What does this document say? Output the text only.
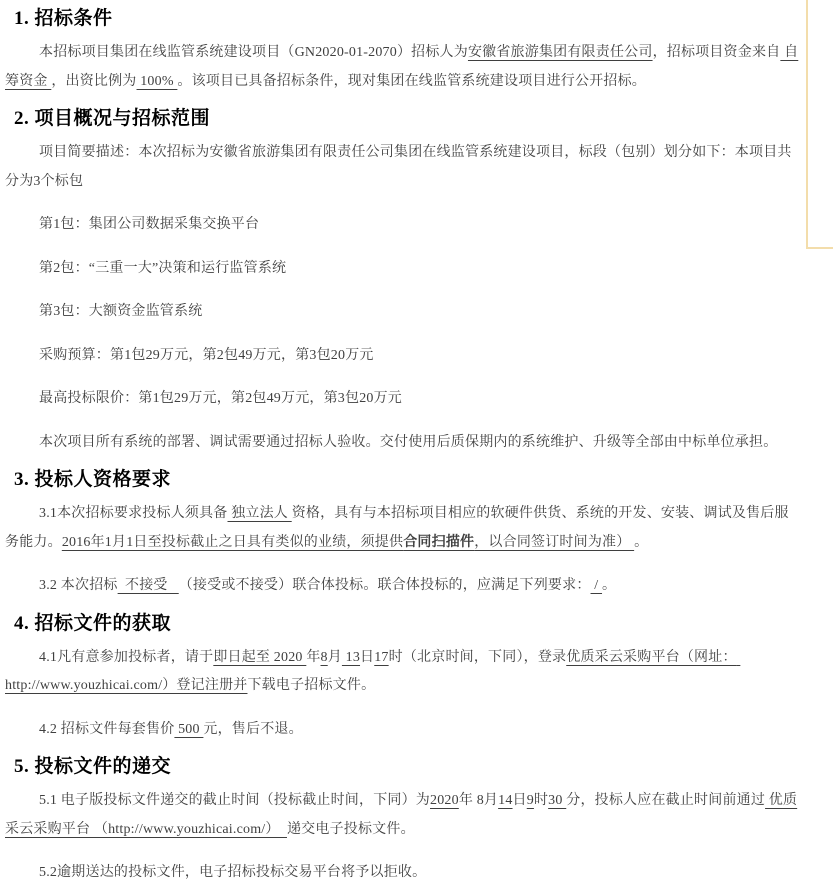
1. 招标条件

本招标项目集团在线监管系统建设项目（GN2020-01-2070）招标人为安徽省旅游集团有限责任公司，招标项目资金来自 自筹资金 ，出资比例为 100% 。该项目已具备招标条件，现对集团在线监管系统建设项目进行公开招标。

2. 项目概况与招标范围

项目简要描述：本次招标为安徽省旅游集团有限责任公司集团在线监管系统建设项目，标段（包别）划分如下：本项目共分为3个标包

第1包：集团公司数据采集交换平台

第2包：“三重一大”决策和运行监管系统

第3包：大额资金监管系统

采购预算：第1包29万元，第2包49万元，第3包20万元

最高投标限价：第1包29万元，第2包49万元，第3包20万元

本次项目所有系统的部署、调试需要通过招标人验收。交付使用后质保期内的系统维护、升级等全部由中标单位承担。

3. 投标人资格要求

3.1本次招标要求投标人须具备 独立法人 资格，具有与本招标项目相应的软硬件供货、系统的开发、安装、调试及售后服务能力。2016年1月1日至投标截止之日具有类似的业绩，须提供合同扫描件，以合同签订时间为准） 。

3.2 本次招标  不接受   （接受或不接受）联合体投标。联合体投标的，应满足下列要求： / 。

4. 招标文件的获取

4.1凡有意参加投标者，请于即日起至 2020 年8月 13日17时（北京时间，下同），登录优质采云采购平台（网址： http://www.youzhicai.com/）登记注册并下载电子招标文件。

4.2 招标文件每套售价 500 元，售后不退。

5. 投标文件的递交

5.1 电子版投标文件递交的截止时间（投标截止时间，下同）为2020年 8月14日9时30 分，投标人应在截止时间前通过 优质采云采购平台 （http://www.youzhicai.com/）  递交电子投标文件。

5.2逾期送达的投标文件，电子招标投标交易平台将予以拒收。
